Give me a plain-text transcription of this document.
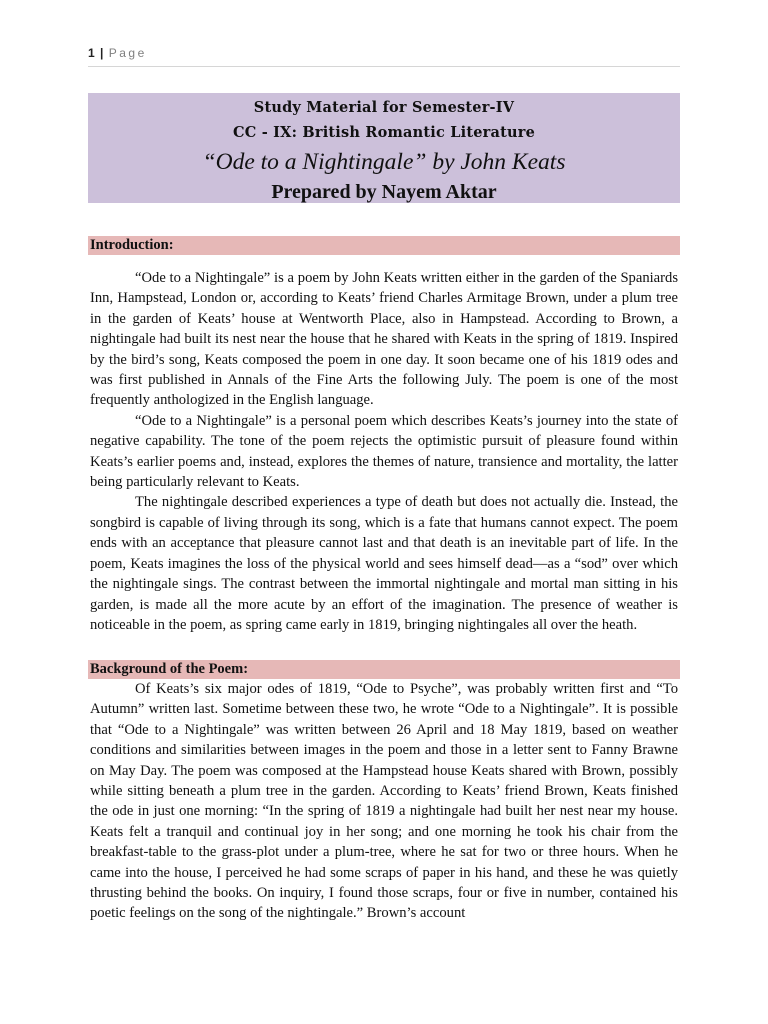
1 | Page
Study Material for Semester-IV
CC - IX: British Romantic Literature
“Ode to a Nightingale” by John Keats
Prepared by Nayem Aktar
Introduction:

“Ode to a Nightingale” is a poem by John Keats written either in the garden of the Spaniards Inn, Hampstead, London or, according to Keats’ friend Charles Armitage Brown, under a plum tree in the garden of Keats’ house at Wentworth Place, also in Hampstead. According to Brown, a nightingale had built its nest near the house that he shared with Keats in the spring of 1819. Inspired by the bird’s song, Keats composed the poem in one day. It soon became one of his 1819 odes and was first published in Annals of the Fine Arts the following July. The poem is one of the most frequently anthologized in the English language.

“Ode to a Nightingale” is a personal poem which describes Keats’s journey into the state of negative capability. The tone of the poem rejects the optimistic pursuit of pleasure found within Keats’s earlier poems and, instead, explores the themes of nature, transience and mortality, the latter being particularly relevant to Keats.

The nightingale described experiences a type of death but does not actually die. Instead, the songbird is capable of living through its song, which is a fate that humans cannot expect. The poem ends with an acceptance that pleasure cannot last and that death is an inevitable part of life. In the poem, Keats imagines the loss of the physical world and sees himself dead—as a “sod” over which the nightingale sings. The contrast between the immortal nightingale and mortal man sitting in his garden, is made all the more acute by an effort of the imagination. The presence of weather is noticeable in the poem, as spring came early in 1819, bringing nightingales all over the heath.

Background of the Poem:

Of Keats’s six major odes of 1819, “Ode to Psyche”, was probably written first and “To Autumn” written last. Sometime between these two, he wrote “Ode to a Nightingale”. It is possible that “Ode to a Nightingale” was written between 26 April and 18 May 1819, based on weather conditions and similarities between images in the poem and those in a letter sent to Fanny Brawne on May Day. The poem was composed at the Hampstead house Keats shared with Brown, possibly while sitting beneath a plum tree in the garden. According to Keats’ friend Brown, Keats finished the ode in just one morning: “In the spring of 1819 a nightingale had built her nest near my house. Keats felt a tranquil and continual joy in her song; and one morning he took his chair from the breakfast-table to the grass-plot under a plum-tree, where he sat for two or three hours. When he came into the house, I perceived he had some scraps of paper in his hand, and these he was quietly thrusting behind the books. On inquiry, I found those scraps, four or five in number, contained his poetic feelings on the song of the nightingale.” Brown’s account
